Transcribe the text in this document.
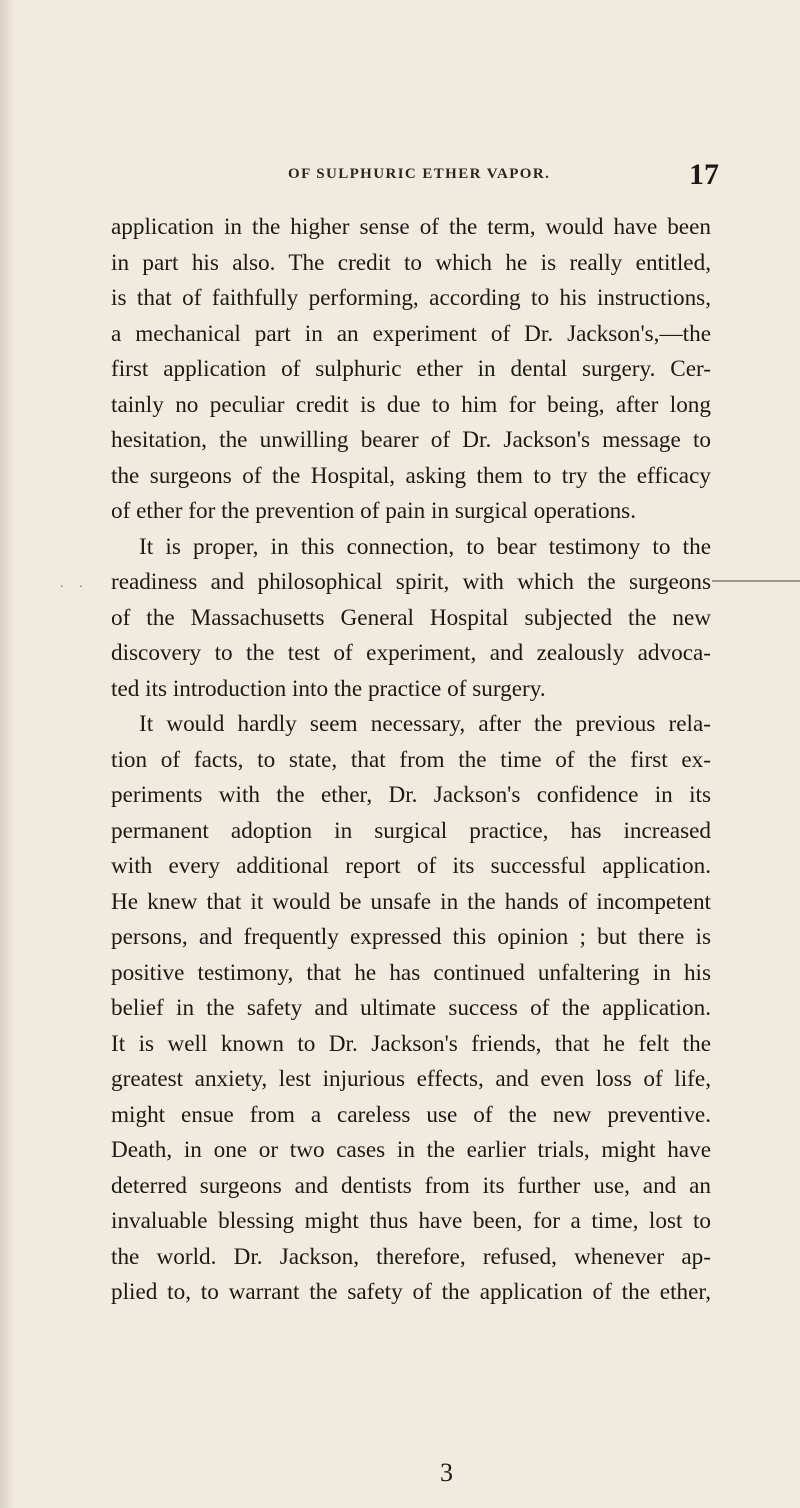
OF SULPHURIC ETHER VAPOR.	17
. .

application in the higher sense of the term, would have been
in part his also. The credit to which he is really entitled,
is that of faithfully performing, according to his instructions,
a mechanical part in an experiment of Dr. Jackson's,—the
first application of sulphuric ether in dental surgery. Cer-
tainly no peculiar credit is due to him for being, after long
hesitation, the unwilling bearer of Dr. Jackson's message to
the surgeons of the Hospital, asking them to try the efficacy
of ether for the prevention of pain in surgical operations.

It is proper, in this connection, to bear testimony to the

readiness and philosophical spirit, with which the surgeons
of the Massachusetts General Hospital subjected the new
discovery to the test of experiment, and zealously advoca-
ted its introduction into the practice of surgery.

It would hardly seem necessary, after the previous rela-

tion of facts, to state, that from the time of the first ex-
periments with the ether, Dr. Jackson's confidence in its
permanent adoption in surgical practice, has increased
with every additional report of its successful application.
He knew that it would be unsafe in the hands of incompetent
persons, and frequently expressed this opinion ; but there is
positive testimony, that he has continued unfaltering in his
belief in the safety and ultimate success of the application.
It is well known to Dr. Jackson's friends, that he felt the
greatest anxiety, lest injurious effects, and even loss of life,
might ensue from a careless use of the new preventive.
Death, in one or two cases in the earlier trials, might have
deterred surgeons and dentists from its further use, and an
invaluable blessing might thus have been, for a time, lost to
the world. Dr. Jackson, therefore, refused, whenever ap-
plied to, to warrant the safety of the application of the ether,

3
